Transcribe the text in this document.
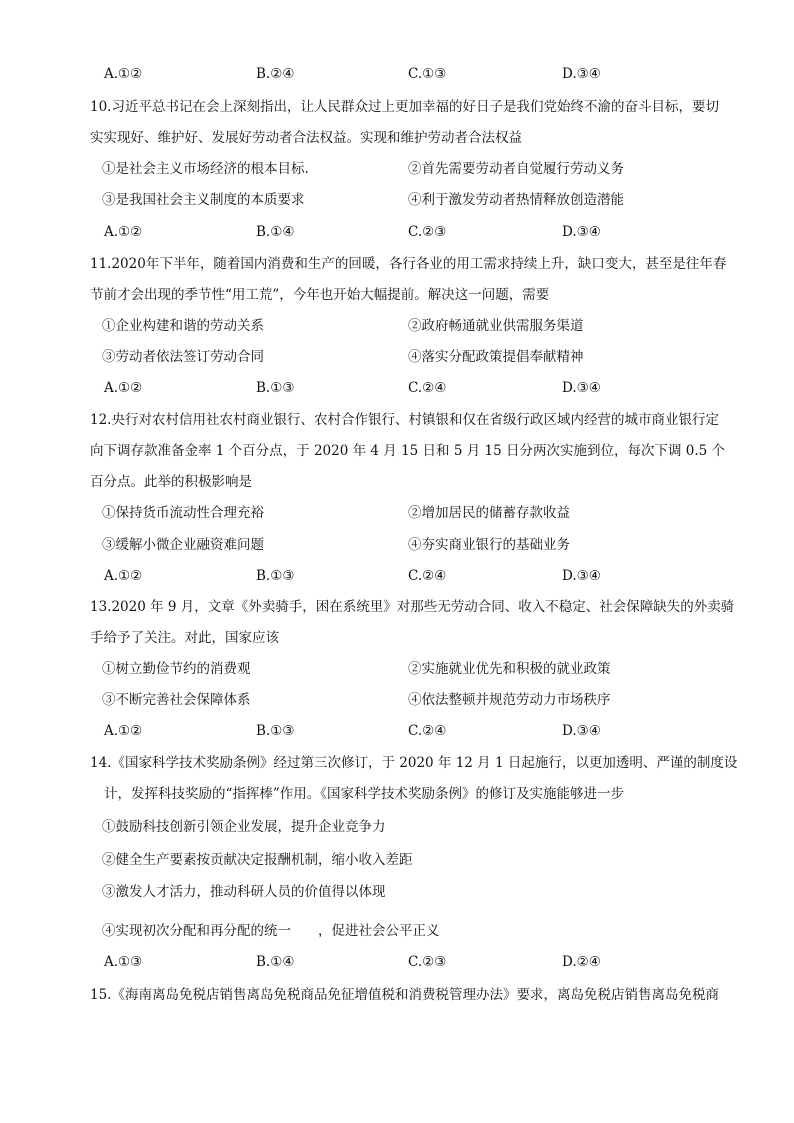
A.①②	B.②④	C.①③	D.③④
10.习近平总书记在会上深刻指出，让人民群众过上更加幸福的好日子是我们党始终不渝的奋斗目标，要切
实实现好、维护好、发展好劳动者合法权益。实现和维护劳动者合法权益
①是社会主义市场经济的根本目标.	②首先需要劳动者自觉履行劳动义务
③是我国社会主义制度的本质要求	④利于激发劳动者热情释放创造潜能
A.①②	B.①④	C.②③	D.③④
11.2020年下半年，随着国内消费和生产的回暖，各行各业的用工需求持续上升，缺口变大，甚至是往年春
节前才会出现的季节性“用工荒”，今年也开始大幅提前。解决这一问题，需要
①企业构建和谐的劳动关系	②政府畅通就业供需服务渠道
③劳动者依法签订劳动合同	④落实分配政策提倡奉献精神
A.①②	B.①③	C.②④	D.③④
12.央行对农村信用社农村商业银行、农村合作银行、村镇银和仅在省级行政区域内经营的城市商业银行定
向下调存款准备金率 1 个百分点，于 2020 年 4 月 15 日和 5 月 15 日分两次实施到位，每次下调 0.5 个
百分点。此举的积极影响是
①保持货币流动性合理充裕	②增加居民的储蓄存款收益
③缓解小微企业融资难问题	④夯实商业银行的基础业务
A.①②	B.①③	C.②④	D.③④
13.2020 年 9 月，文章《外卖骑手，困在系统里》对那些无劳动合同、收入不稳定、社会保障缺失的外卖骑
手给予了关注。对此，国家应该
①树立勤俭节约的消费观	②实施就业优先和积极的就业政策
③不断完善社会保障体系	④依法整顿并规范劳动力市场秩序
A.①②	B.①③	C.②④	D.③④
14.《国家科学技术奖励条例》经过第三次修订，于 2020 年 12 月 1 日起施行，以更加透明、严谨的制度设
计，发挥科技奖励的“指挥棒”作用。《国家科学技术奖励条例》的修订及实施能够进一步
①鼓励科技创新引领企业发展，提升企业竞争力
②健全生产要素按贡献决定报酬机制，缩小收入差距
③激发人才活力，推动科研人员的价值得以体现
④实现初次分配和再分配的统一　　，促进社会公平正义
A.①③	B.①④	C.②③	D.②④
15.《海南离岛免税店销售离岛免税商品免征增值税和消费税管理办法》要求，离岛免税店销售离岛免税商
